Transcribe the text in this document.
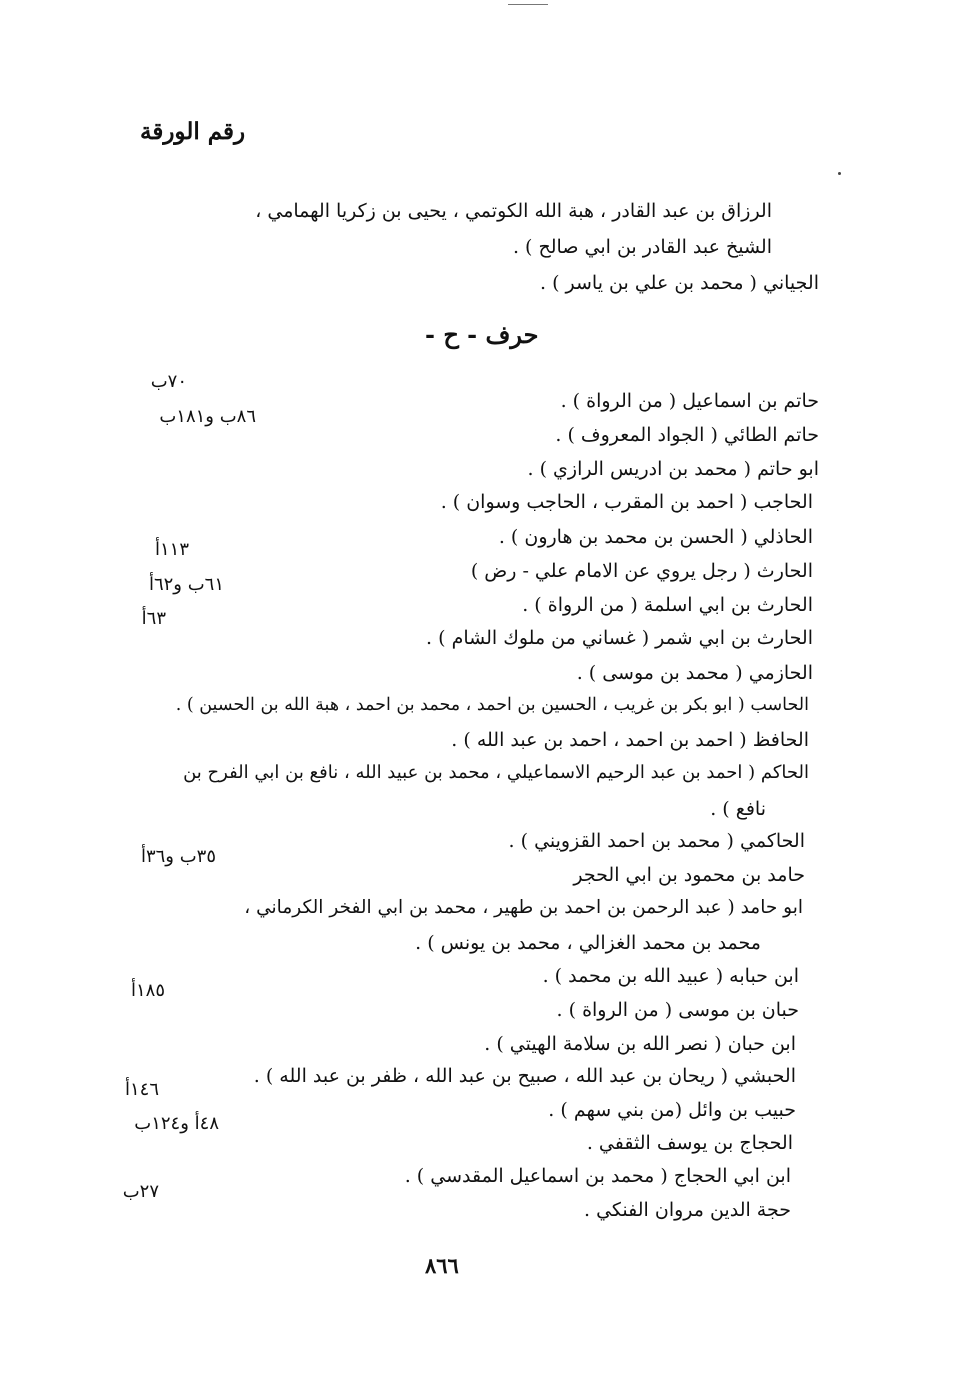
رقم الورقة
الرزاق بن عبد القادر ، هبة الله الكوتمي ، يحيى بن زكريا الهمامي ،
الشيخ عبد القادر بن ابي صالح ) .
الجياني ( محمد بن علي بن ياسر ) .
حرف - ح -
حاتم بن اسماعيل ( من الرواة ) .
حاتم الطائي ( الجواد المعروف ) .
ابو حاتم ( محمد بن ادريس الرازي ) .
الحاجب ( احمد بن المقرب ، الحاجب وسوان ) .
الحاذلي ( الحسن بن محمد بن هارون ) .
الحارث ( رجل يروي عن الامام علي - رض )
الحارث بن ابي اسلمة ( من الرواة ) .
الحارث بن ابي شمر ( غساني من ملوك الشام ) .
الحازمي ( محمد بن موسى ) .
الحاسب ( ابو بكر بن غريب ، الحسين بن احمد ، محمد بن احمد ، هبة الله بن الحسين ) .
الحافظ ( احمد بن احمد ، احمد بن عبد الله ) .
الحاكم ( احمد بن عبد الرحيم الاسماعيلي ، محمد بن عبيد الله ، نافع بن ابي الفرح بن
نافع ) .
الحاكمي ( محمد بن احمد القزويني ) .
حامد بن محمود بن ابي الحجر
ابو حامد ( عبد الرحمن بن احمد بن طهير ، محمد بن ابي الفخر الكرماني ،
محمد بن محمد الغزالي ، محمد بن يونس ) .
ابن حبابه ( عبيد الله بن محمد ) .
حبان بن موسى ( من الرواة ) .
ابن حبان ( نصر الله بن سلامة الهيتي ) .
الحبشي ( ريحان بن عبد الله ، صبيح بن عبد الله ، ظفر بن عبد الله ) .
حبيب بن وائل (من بني سهم ) .
الحجاج بن يوسف الثقفي .
ابن ابي الحجاج ( محمد بن اسماعيل المقدسي ) .
حجة الدين مروان الفنكي .
٧٠ب
٨٦ب و١٨١ب
١١٣أ
٦١ب و٦٢أ
٦٣أ
٣٥ب و٣٦أ
١٨٥أ
١٤٦أ
٤٨أ و١٢٤ب
٢٧ب
٨٦٦
